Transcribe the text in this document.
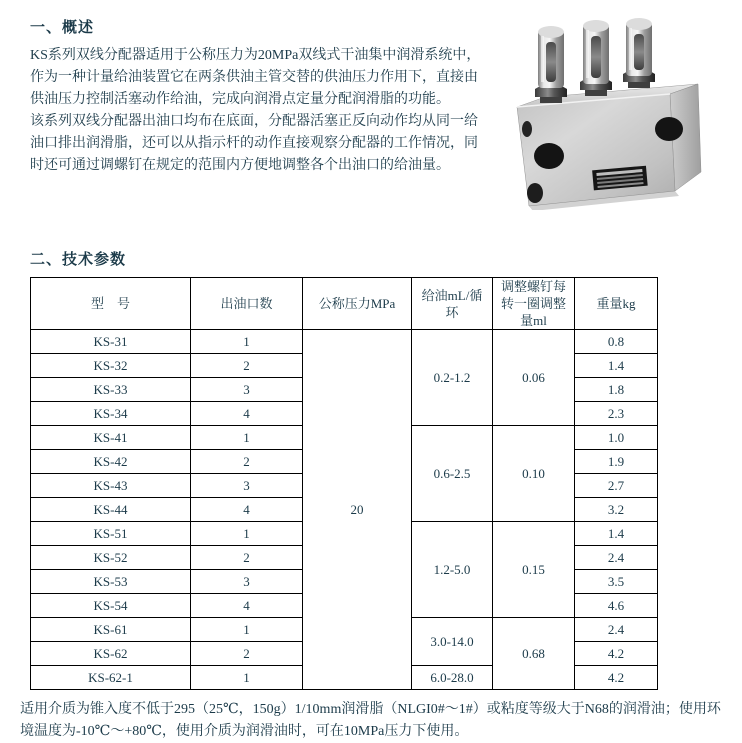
一、概述

KS系列双线分配器适用于公称压力为20MPa双线式干油集中润滑系统中，作为一种计量给油装置它在两条供油主管交替的供油压力作用下，直接由供油压力控制活塞动作给油，完成向润滑点定量分配润滑脂的功能。

该系列双线分配器出油口均布在底面，分配器活塞正反向动作均从同一给油口排出润滑脂，还可以从指示杆的动作直接观察分配器的工作情况，同时还可通过调螺钉在规定的范围内方便地调整各个出油口的给油量。

二、技术参数
型　号	出油口数	公称压力MPa	给油mL/循环	调整螺钉每转一圈调整量ml	重量kg
KS-31	1	20	0.2-1.2	0.06	0.8
KS-32	2				1.4
KS-33	3				1.8
KS-34	4				2.3
KS-41	1		0.6-2.5	0.10	1.0
KS-42	2				1.9
KS-43	3				2.7
KS-44	4				3.2
KS-51	1		1.2-5.0	0.15	1.4
KS-52	2				2.4
KS-53	3				3.5
KS-54	4				4.6
KS-61	1		3.0-14.0	0.68	2.4
KS-62	2				4.2
KS-62-1	1		6.0-28.0		4.2

适用介质为锥入度不低于295（25℃，150g）1/10mm润滑脂（NLGI0#～1#）或粘度等级大于N68的润滑油；使用环境温度为-10℃～+80℃，使用介质为润滑油时，可在10MPa压力下使用。
